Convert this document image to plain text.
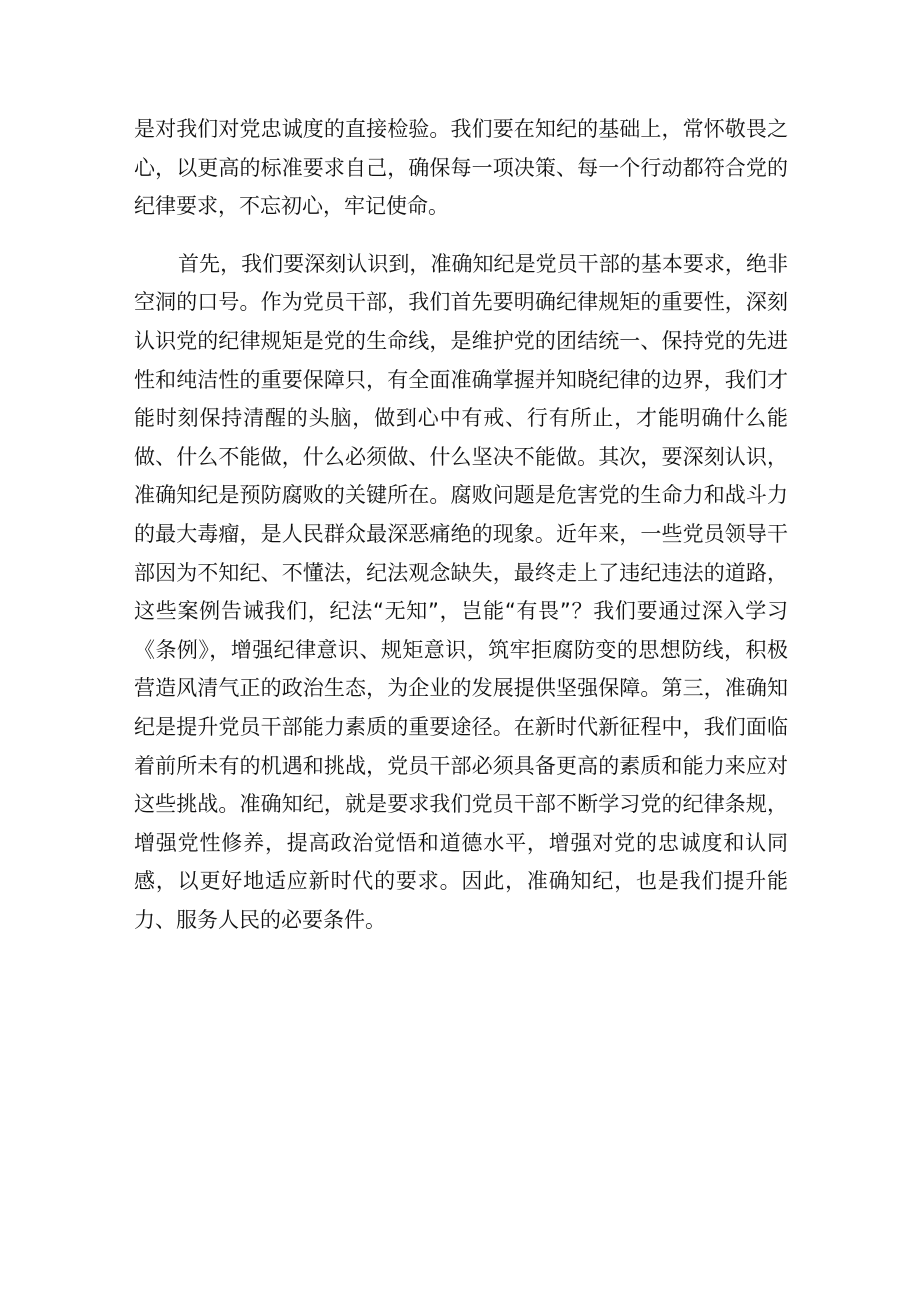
是对我们对党忠诚度的直接检验。我们要在知纪的基础上，常怀敬畏之心，以更高的标准要求自己，确保每一项决策、每一个行动都符合党的纪律要求，不忘初心，牢记使命。

首先，我们要深刻认识到，准确知纪是党员干部的基本要求，绝非空洞的口号。作为党员干部，我们首先要明确纪律规矩的重要性，深刻认识党的纪律规矩是党的生命线，是维护党的团结统一、保持党的先进性和纯洁性的重要保障只，有全面准确掌握并知晓纪律的边界，我们才能时刻保持清醒的头脑，做到心中有戒、行有所止，才能明确什么能做、什么不能做，什么必须做、什么坚决不能做。其次，要深刻认识，准确知纪是预防腐败的关键所在。腐败问题是危害党的生命力和战斗力的最大毒瘤，是人民群众最深恶痛绝的现象。近年来，一些党员领导干部因为不知纪、不懂法，纪法观念缺失，最终走上了违纪违法的道路，这些案例告诫我们，纪法“无知”，岂能“有畏”？我们要通过深入学习《条例》，增强纪律意识、规矩意识，筑牢拒腐防变的思想防线，积极营造风清气正的政治生态，为企业的发展提供坚强保障。第三，准确知纪是提升党员干部能力素质的重要途径。在新时代新征程中，我们面临着前所未有的机遇和挑战，党员干部必须具备更高的素质和能力来应对这些挑战。准确知纪，就是要求我们党员干部不断学习党的纪律条规，增强党性修养，提高政治觉悟和道德水平，增强对党的忠诚度和认同感，以更好地适应新时代的要求。因此，准确知纪，也是我们提升能力、服务人民的必要条件。
